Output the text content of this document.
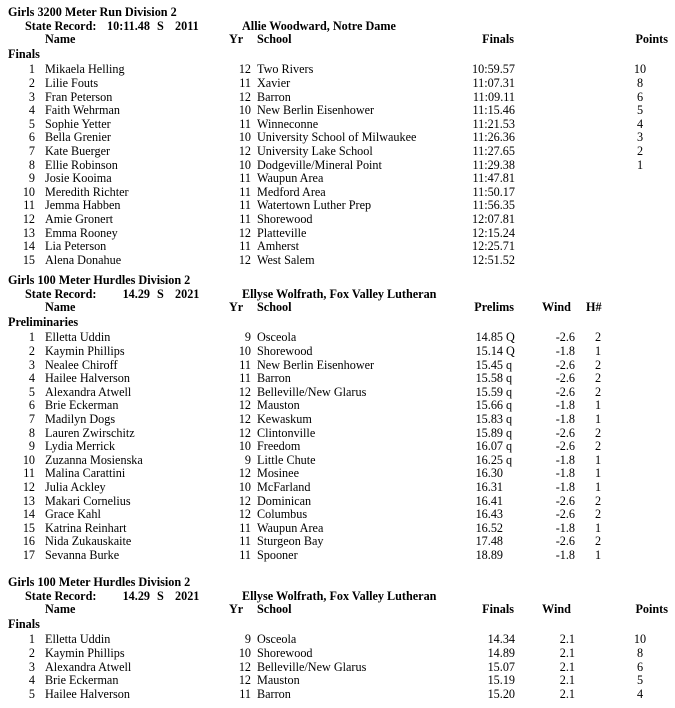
Girls 3200 Meter Run Division 2
State Record: 10:11.48 S 2011	Allie Woodward, Notre Dame
Name	Yr School	Finals	Points
Finals
1 Mikaela Helling	12 Two Rivers	10:59.57	10
2 Lilie Fouts	11 Xavier	11:07.31	8
3 Fran Peterson	12 Barron	11:09.11	6
4 Faith Wehrman	10 New Berlin Eisenhower	11:15.46	5
5 Sophie Yetter	11 Winneconne	11:21.53	4
6 Bella Grenier	10 University School of Milwaukee	11:26.36	3
7 Kate Buerger	12 University Lake School	11:27.65	2
8 Ellie Robinson	10 Dodgeville/Mineral Point	11:29.38	1
9 Josie Kooima	11 Waupun Area	11:47.81
10 Meredith Richter	11 Medford Area	11:50.17
11 Jemma Habben	11 Watertown Luther Prep	11:56.35
12 Amie Gronert	11 Shorewood	12:07.81
13 Emma Rooney	12 Platteville	12:15.24
14 Lia Peterson	11 Amherst	12:25.71
15 Alena Donahue	12 West Salem	12:51.52
Girls 100 Meter Hurdles Division 2
State Record:	14.29 S 2021	Ellyse Wolfrath, Fox Valley Lutheran
Name	Yr School	Prelims Wind H#
Preliminaries
1 Elletta Uddin	9 Osceola	14.85 Q	-2.6	2
2 Kaymin Phillips	10 Shorewood	15.14 Q	-1.8	1
3 Nealee Chiroff	11 New Berlin Eisenhower	15.45 q	-2.6	2
4 Hailee Halverson	11 Barron	15.58 q	-2.6	2
5 Alexandra Atwell	12 Belleville/New Glarus	15.59 q	-2.6	2
6 Brie Eckerman	12 Mauston	15.66 q	-1.8	1
7 Madilyn Dogs	12 Kewaskum	15.83 q	-1.8	1
8 Lauren Zwirschitz	12 Clintonville	15.89 q	-2.6	2
9 Lydia Merrick	10 Freedom	16.07 q	-2.6	2
10 Zuzanna Mosienska	9 Little Chute	16.25 q	-1.8	1
11 Malina Carattini	12 Mosinee	16.30	-1.8	1
12 Julia Ackley	10 McFarland	16.31	-1.8	1
13 Makari Cornelius	12 Dominican	16.41	-2.6	2
14 Grace Kahl	12 Columbus	16.43	-2.6	2
15 Katrina Reinhart	11 Waupun Area	16.52	-1.8	1
16 Nida Zukauskaite	11 Sturgeon Bay	17.48	-2.6	2
17 Sevanna Burke	11 Spooner	18.89	-1.8	1
Girls 100 Meter Hurdles Division 2
State Record:	14.29 S 2021	Ellyse Wolfrath, Fox Valley Lutheran
Name	Yr School	Finals Wind	Points
Finals
1 Elletta Uddin	9 Osceola	14.34	2.1	10
2 Kaymin Phillips	10 Shorewood	14.89	2.1	8
3 Alexandra Atwell	12 Belleville/New Glarus	15.07	2.1	6
4 Brie Eckerman	12 Mauston	15.19	2.1	5
5 Hailee Halverson	11 Barron	15.20	2.1	4
